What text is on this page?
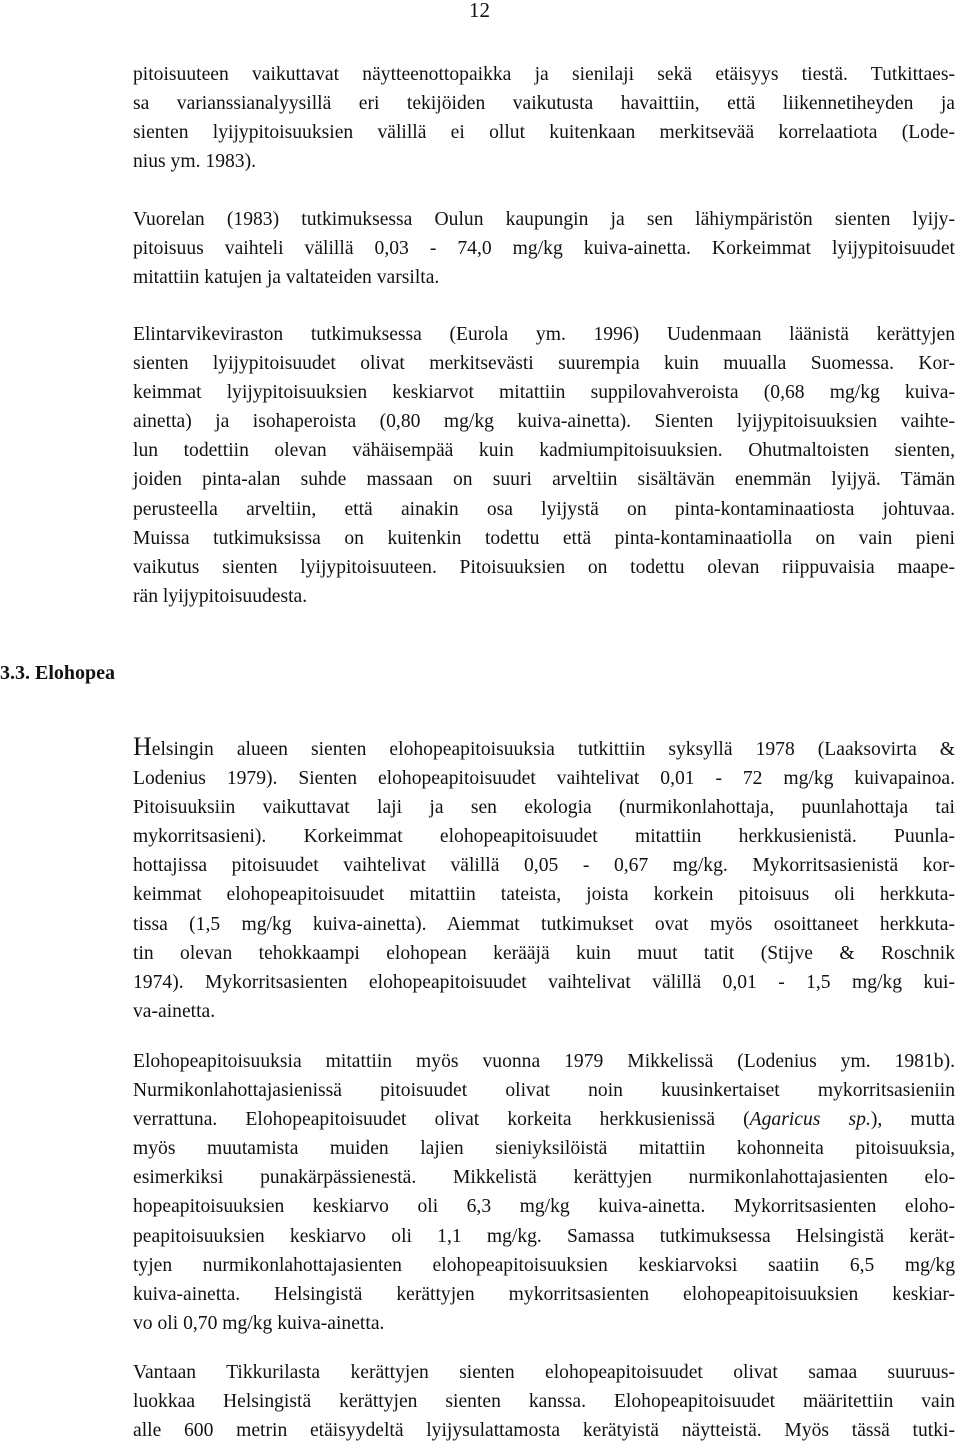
12
pitoisuuteen vaikuttavat näytteenottopaikka ja sienilaji sekä etäisyys tiestä. Tutkittaes-
sa varianssianalyysillä eri tekijöiden vaikutusta havaittiin, että liikennetiheyden ja
sienten lyijypitoisuuksien välillä ei ollut kuitenkaan merkitsevää korrelaatiota (Lode-
nius ym. 1983).
Vuorelan (1983) tutkimuksessa Oulun kaupungin ja sen lähiympäristön sienten lyijy-
pitoisuus vaihteli välillä 0,03 - 74,0 mg/kg kuiva-ainetta. Korkeimmat lyijypitoisuudet
mitattiin katujen ja valtateiden varsilta.
Elintarvikeviraston tutkimuksessa (Eurola ym. 1996) Uudenmaan läänistä kerättyjen
sienten lyijypitoisuudet olivat merkitsevästi suurempia kuin muualla Suomessa. Kor-
keimmat lyijypitoisuuksien keskiarvot mitattiin suppilovahveroista (0,68 mg/kg kuiva-
ainetta) ja isohaperoista (0,80 mg/kg kuiva-ainetta). Sienten lyijypitoisuuksien vaihte-
lun todettiin olevan vähäisempää kuin kadmiumpitoisuuksien. Ohutmaltoisten sienten,
joiden pinta-alan suhde massaan on suuri arveltiin sisältävän enemmän lyijyä. Tämän
perusteella arveltiin, että ainakin osa lyijystä on pinta-kontaminaatiosta johtuvaa.
Muissa tutkimuksissa on kuitenkin todettu että pinta-kontaminaatiolla on vain pieni
vaikutus sienten lyijypitoisuuteen. Pitoisuuksien on todettu olevan riippuvaisia maape-
rän lyijypitoisuudesta.
3.3. Elohopea
Helsingin alueen sienten elohopeapitoisuuksia tutkittiin syksyllä 1978 (Laaksovirta &
Lodenius 1979). Sienten elohopeapitoisuudet vaihtelivat 0,01 - 72 mg/kg kuivapainoa.
Pitoisuuksiin vaikuttavat laji ja sen ekologia (nurmikonlahottaja, puunlahottaja tai
mykorritsasieni). Korkeimmat elohopeapitoisuudet mitattiin herkkusienistä. Puunla-
hottajissa pitoisuudet vaihtelivat välillä 0,05 - 0,67 mg/kg. Mykorritsasienistä kor-
keimmat elohopeapitoisuudet mitattiin tateista, joista korkein pitoisuus oli herkkuta-
tissa (1,5 mg/kg kuiva-ainetta). Aiemmat tutkimukset ovat myös osoittaneet herkkuta-
tin olevan tehokkaampi elohopean kerääjä kuin muut tatit (Stijve & Roschnik
1974). Mykorritsasienten elohopeapitoisuudet vaihtelivat välillä 0,01 - 1,5 mg/kg kui-
va-ainetta.
Elohopeapitoisuuksia mitattiin myös vuonna 1979 Mikkelissä (Lodenius ym. 1981b).
Nurmikonlahottajasienissä pitoisuudet olivat noin kuusinkertaiset mykorritsasieniin
verrattuna. Elohopeapitoisuudet olivat korkeita herkkusienissä (Agaricus sp.), mutta
myös muutamista muiden lajien sieniyksilöistä mitattiin kohonneita pitoisuuksia,
esimerkiksi punakärpässienestä. Mikkelistä kerättyjen nurmikonlahottajasienten elo-
hopeapitoisuuksien keskiarvo oli 6,3 mg/kg kuiva-ainetta. Mykorritsasienten eloho-
peapitoisuuksien keskiarvo oli 1,1 mg/kg. Samassa tutkimuksessa Helsingistä kerät-
tyjen nurmikonlahottajasienten elohopeapitoisuuksien keskiarvoksi saatiin 6,5 mg/kg
kuiva-ainetta. Helsingistä kerättyjen mykorritsasienten elohopeapitoisuuksien keskiar-
vo oli 0,70 mg/kg kuiva-ainetta.
Vantaan Tikkurilasta kerättyjen sienten elohopeapitoisuudet olivat samaa suuruus-
luokkaa Helsingistä kerättyjen sienten kanssa. Elohopeapitoisuudet määritettiin vain
alle 600 metrin etäisyydeltä lyijysulattamosta kerätyistä näytteistä. Myös tässä tutki-
